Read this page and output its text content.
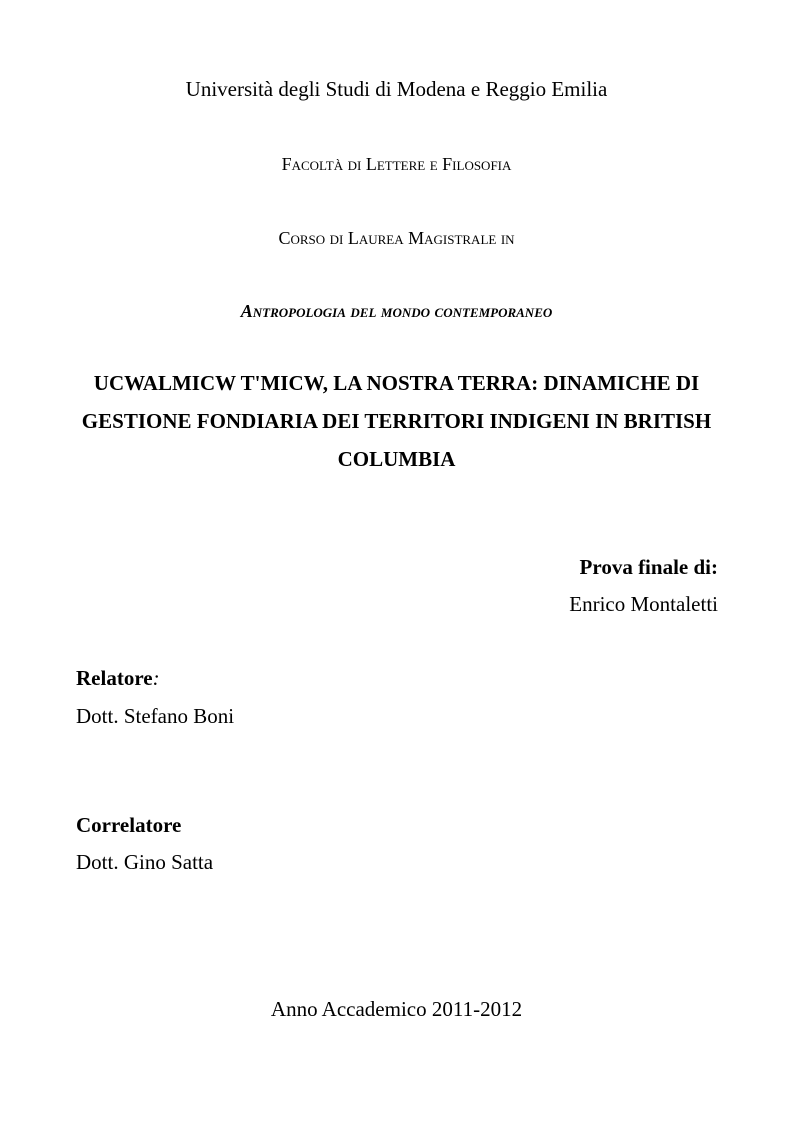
Università degli Studi di Modena e Reggio Emilia
Facoltà di Lettere e Filosofia
Corso di Laurea Magistrale in
Antropologia del mondo contemporaneo
UCWALMICW T'MICW, LA NOSTRA TERRA: DINAMICHE DI GESTIONE FONDIARIA DEI TERRITORI INDIGENI IN BRITISH COLUMBIA
Prova finale di:
Enrico Montaletti
Relatore:
Dott. Stefano Boni
Correlatore
Dott. Gino Satta
Anno Accademico 2011-2012
